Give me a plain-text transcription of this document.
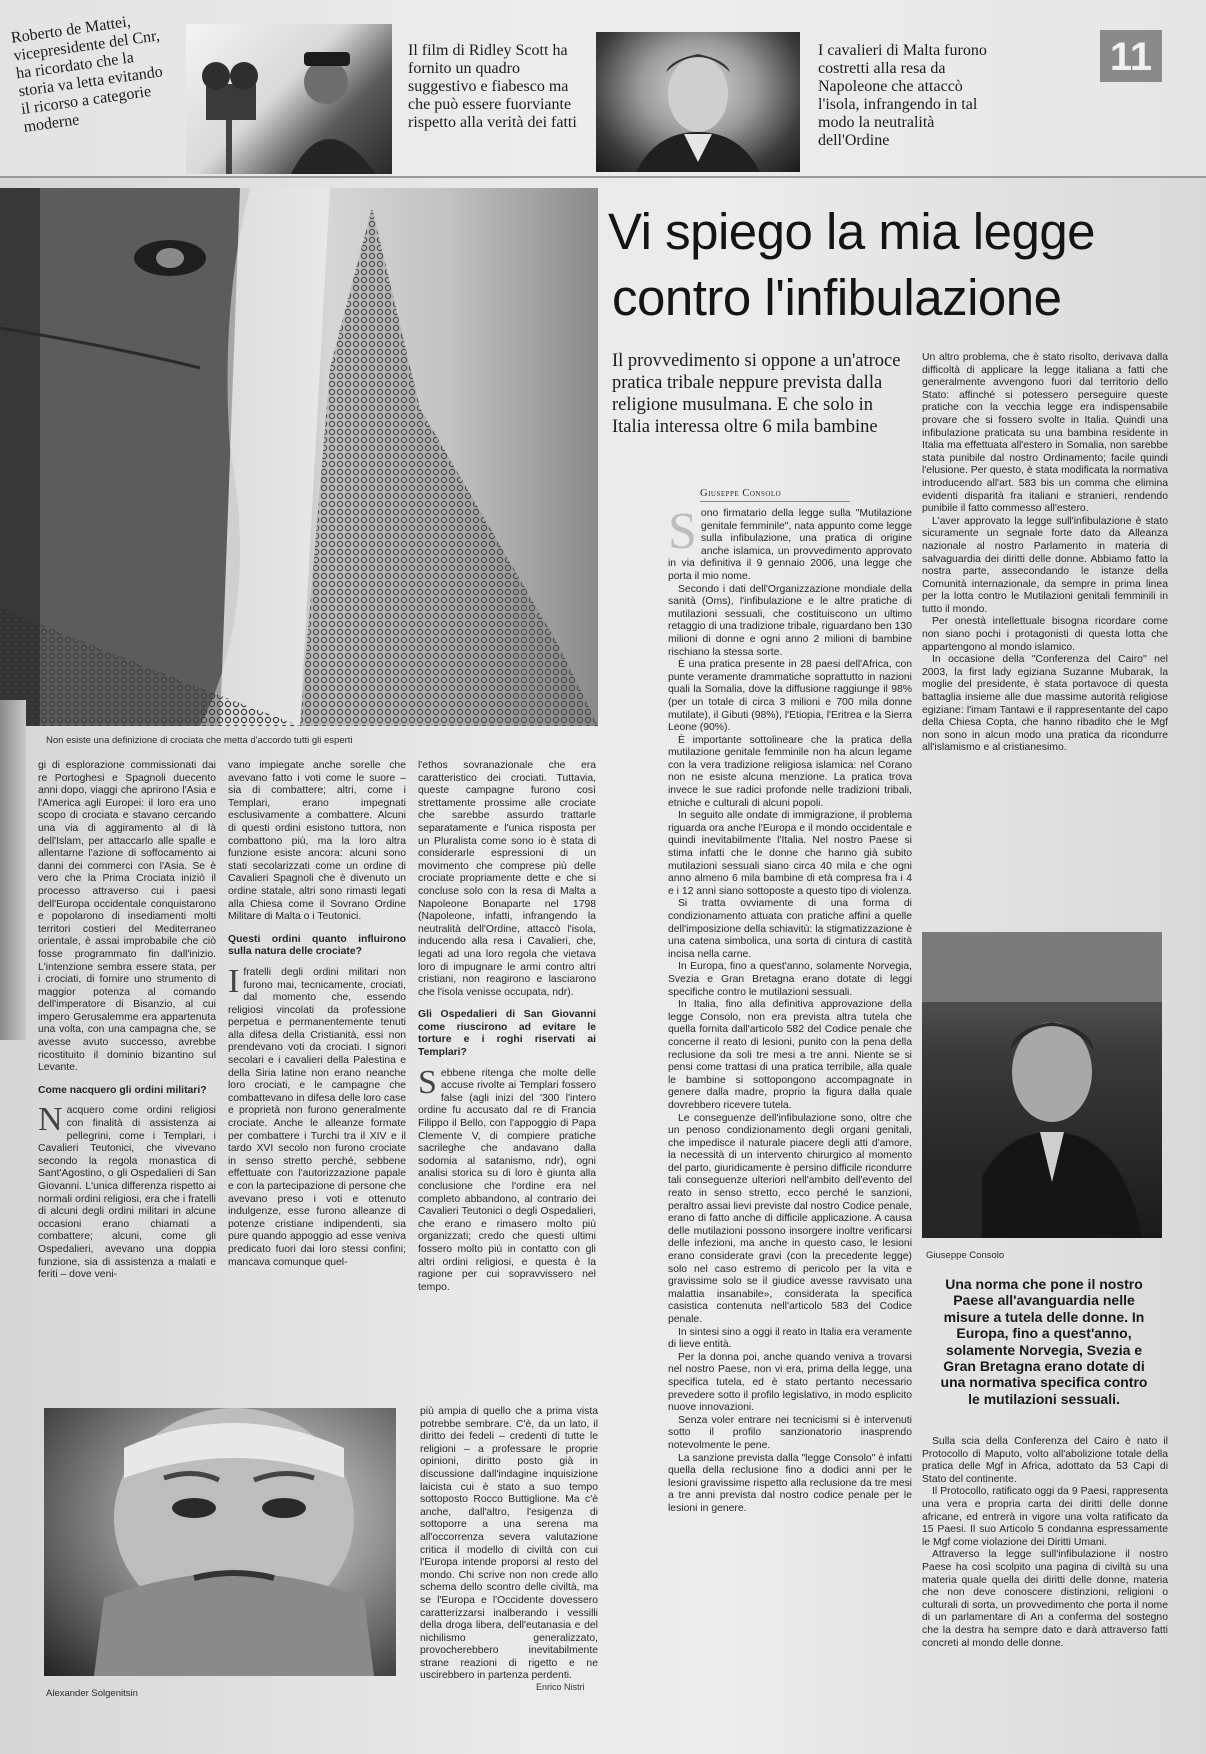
Roberto de Mattei, vicepresidente del Cnr, ha ricordato che la storia va letta evitando il ricorso a categorie moderne

Il film di Ridley Scott ha fornito un quadro suggestivo e fiabesco ma che può essere fuorviante rispetto alla verità dei fatti

I cavalieri di Malta furono costretti alla resa da Napoleone che attaccò l'isola, infrangendo in tal modo la neutralità dell'Ordine

11

Non esiste una definizione di crociata che metta d'accordo tutti gli esperti

Vi spiego la mia legge
contro l'infibulazione

Il provvedimento si oppone a un'atroce pratica tribale neppure prevista dalla religione musulmana. E che solo in Italia interessa oltre 6 mila bambine

Giuseppe Consolo
S ono firmatario della legge sulla "Mutilazione genitale femminile", nata appunto come legge sulla infibulazione, una pratica di origine anche islamica, un provvedimento approvato in via definitiva il 9 gennaio 2006, una legge che porta il mio nome.

Secondo i dati dell'Organizzazione mondiale della sanità (Oms), l'infibulazione e le altre pratiche di mutilazioni sessuali, che costituiscono un ultimo retaggio di una tradizione tribale, riguardano ben 130 milioni di donne e ogni anno 2 milioni di bambine rischiano la stessa sorte.

È una pratica presente in 28 paesi dell'Africa, con punte veramente drammatiche soprattutto in nazioni quali la Somalia, dove la diffusione raggiunge il 98% (per un totale di circa 3 milioni e 700 mila donne mutilate), il Gibuti (98%), l'Etiopia, l'Eritrea e la Sierra Leone (90%).

È importante sottolineare che la pratica della mutilazione genitale femminile non ha alcun legame con la vera tradizione religiosa islamica: nel Corano non ne esiste alcuna menzione. La pratica trova invece le sue radici profonde nelle tradizioni tribali, etniche e culturali di alcuni popoli.

In seguito alle ondate di immigrazione, il problema riguarda ora anche l'Europa e il mondo occidentale e quindi inevitabilmente l'Italia. Nel nostro Paese si stima infatti che le donne che hanno già subito mutilazioni sessuali siano circa 40 mila e che ogni anno almeno 6 mila bambine di età compresa fra i 4 e i 12 anni siano sottoposte a questo tipo di violenza.

Si tratta ovviamente di una forma di condizionamento attuata con pratiche affini a quelle dell'imposizione della schiavitù: la stigmatizzazione è una catena simbolica, una sorta di cintura di castità incisa nella carne.

In Europa, fino a quest'anno, solamente Norvegia, Svezia e Gran Bretagna erano dotate di leggi specifiche contro le mutilazioni sessuali.

In Italia, fino alla definitiva approvazione della legge Consolo, non era prevista altra tutela che quella fornita dall'articolo 582 del Codice penale che concerne il reato di lesioni, punito con la pena della reclusione da soli tre mesi a tre anni. Niente se si pensi come trattasi di una pratica terribile, alla quale le bambine si sottopongono accompagnate in genere dalla madre, proprio la figura dalla quale dovrebbero ricevere tutela.

Le conseguenze dell'infibulazione sono, oltre che un penoso condizionamento degli organi genitali, che impedisce il naturale piacere degli atti d'amore, la necessità di un intervento chirurgico al momento del parto, giuridicamente è persino difficile ricondurre tali conseguenze ulteriori nell'ambito dell'evento del reato in senso stretto, ecco perché le sanzioni, peraltro assai lievi previste dal nostro Codice penale, erano di fatto anche di difficile applicazione. A causa delle mutilazioni possono insorgere inoltre verificarsi delle infezioni, ma anche in questo caso, le lesioni erano considerate gravi (con la precedente legge) solo nel caso estremo di pericolo per la vita e gravissime solo se il giudice avesse ravvisato una malattia insanabile», considerata la specifica casistica contenuta nell'articolo 583 del Codice penale.

In sintesi sino a oggi il reato in Italia era veramente di lieve entità.

Per la donna poi, anche quando veniva a trovarsi nel nostro Paese, non vi era, prima della legge, una specifica tutela, ed è stato pertanto necessario prevedere sotto il profilo legislativo, in modo esplicito nuove innovazioni.

Senza voler entrare nei tecnicismi si è intervenuti sotto il profilo sanzionatorio inasprendo notevolmente le pene.

La sanzione prevista dalla "legge Consolo" è infatti quella della reclusione fino a dodici anni per le lesioni gravissime rispetto alla reclusione da tre mesi a tre anni prevista dal nostro codice penale per le lesioni in genere.

Un altro problema, che è stato risolto, derivava dalla difficoltà di applicare la legge italiana a fatti che generalmente avvengono fuori dal territorio dello Stato: affinché si potessero perseguire queste pratiche con la vecchia legge era indispensabile provare che si fossero svolte in Italia. Quindi una infibulazione praticata su una bambina residente in Italia ma effettuata all'estero in Somalia, non sarebbe stata punibile dal nostro Ordinamento; facile quindi l'elusione. Per questo, è stata modificata la normativa introducendo all'art. 583 bis un comma che elimina evidenti disparità fra italiani e stranieri, rendendo punibile il fatto commesso all'estero.

L'aver approvato la legge sull'infibulazione è stato sicuramente un segnale forte dato da Alleanza nazionale al nostro Parlamento in materia di salvaguardia dei diritti delle donne. Abbiamo fatto la nostra parte, assecondando le istanze della Comunità internazionale, da sempre in prima linea per la lotta contro le Mutilazioni genitali femminili in tutto il mondo.

Per onestà intellettuale bisogna ricordare come non siano pochi i protagonisti di questa lotta che appartengono al mondo islamico.

In occasione della "Conferenza del Cairo" nel 2003, la first lady egiziana Suzanne Mubarak, la moglie del presidente, è stata portavoce di questa battaglia insieme alle due massime autorità religiose egiziane: l'imam Tantawi e il rappresentante del capo della Chiesa Copta, che hanno ribadito che le Mgf non sono in alcun modo una pratica da ricondurre all'islamismo e al cristianesimo.

Giuseppe Consolo

Una norma che pone il nostro Paese all'avanguardia nelle misure a tutela delle donne. In Europa, fino a quest'anno, solamente Norvegia, Svezia e Gran Bretagna erano dotate di una normativa specifica contro le mutilazioni sessuali.

Sulla scia della Conferenza del Cairo è nato il Protocollo di Maputo, volto all'abolizione totale della pratica delle Mgf in Africa, adottato da 53 Capi di Stato del continente.

Il Protocollo, ratificato oggi da 9 Paesi, rappresenta una vera e propria carta dei diritti delle donne africane, ed entrerà in vigore una volta ratificato da 15 Paesi. Il suo Articolo 5 condanna espressamente le Mgf come violazione dei Diritti Umani.

Attraverso la legge sull'infibulazione il nostro Paese ha così scolpito una pagina di civiltà su una materia quale quella dei diritti delle donne, materia che non deve conoscere distinzioni, religioni o culturali di sorta, un provvedimento che porta il nome di un parlamentare di An a conferma del sostegno che la destra ha sempre dato e darà attraverso fatti concreti al mondo delle donne.

gi di esplorazione commissionati dai re Portoghesi e Spagnoli duecento anni dopo, viaggi che aprirono l'Asia e l'America agli Europei: il loro era uno scopo di crociata e stavano cercando una via di aggiramento al di là dell'Islam, per attaccarlo alle spalle e allentarne l'azione di soffocamento ai danni dei commerci con l'Asia. Se è vero che la Prima Crociata iniziò il processo attraverso cui i paesi dell'Europa occidentale conquistarono e popolarono di insediamenti molti territori costieri del Mediterraneo orientale, è assai improbabile che ciò fosse programmato fin dall'inizio. L'intenzione sembra essere stata, per i crociati, di fornire uno strumento di maggior potenza al comando dell'imperatore di Bisanzio, al cui impero Gerusalemme era appartenuta una volta, con una campagna che, se avesse avuto successo, avrebbe ricostituito il dominio bizantino sul Levante.

Come nacquero gli ordini militari?

N acquero come ordini religiosi con finalità di assistenza ai pellegrini, come i Templari, i Cavalieri Teutonici, che vivevano secondo la regola monastica di Sant'Agostino, o gli Ospedalieri di San Giovanni. L'unica differenza rispetto ai normali ordini religiosi, era che i fratelli di alcuni degli ordini militari in alcune occasioni erano chiamati a combattere; alcuni, come gli Ospedalieri, avevano una doppia funzione, sia di assistenza a malati e feriti – dove veni-

vano impiegate anche sorelle che avevano fatto i voti come le suore – sia di combattere; altri, come i Templari, erano impegnati esclusivamente a combattere. Alcuni di questi ordini esistono tuttora, non combattono più, ma la loro altra funzione esiste ancora: alcuni sono stati secolarizzati come un ordine di Cavalieri Spagnoli che è divenuto un ordine statale, altri sono rimasti legati alla Chiesa come il Sovrano Ordine Militare di Malta o i Teutonici.

Questi ordini quanto influirono sulla natura delle crociate?

I fratelli degli ordini militari non furono mai, tecnicamente, crociati, dal momento che, essendo religiosi vincolati da professione perpetua e permanentemente tenuti alla difesa della Cristianità, essi non prendevano voti da crociati. I signori secolari e i cavalieri della Palestina e della Siria latine non erano neanche loro crociati, e le campagne che combattevano in difesa delle loro case e proprietà non furono generalmente crociate. Anche le alleanze formate per combattere i Turchi tra il XIV e il tardo XVI secolo non furono crociate in senso stretto perché, sebbene effettuate con l'autorizzazione papale e con la partecipazione di persone che avevano preso i voti e ottenuto indulgenze, esse furono alleanze di potenze cristiane indipendenti, sia pure quando appoggio ad esse veniva predicato fuori dai loro stessi confini; mancava comunque quel-

l'ethos sovranazionale che era caratteristico dei crociati. Tuttavia, queste campagne furono così strettamente prossime alle crociate che sarebbe assurdo trattarle separatamente e l'unica risposta per un Pluralista come sono io è stata di considerarle espressioni di un movimento che comprese più delle crociate propriamente dette e che si concluse solo con la resa di Malta a Napoleone Bonaparte nel 1798 (Napoleone, infatti, infrangendo la neutralità dell'Ordine, attaccò l'isola, inducendo alla resa i Cavalieri, che, legati ad una loro regola che vietava loro di impugnare le armi contro altri cristiani, non reagirono e lasciarono che l'isola venisse occupata, ndr).

Gli Ospedalieri di San Giovanni come riuscirono ad evitare le torture e i roghi riservati ai Templari?

S ebbene ritenga che molte delle accuse rivolte ai Templari fossero false (agli inizi del '300 l'intero ordine fu accusato dal re di Francia Filippo il Bello, con l'appoggio di Papa Clemente V, di compiere pratiche sacrileghe che andavano dalla sodomia al satanismo, ndr), ogni analisi storica su di loro è giunta alla conclusione che l'ordine era nel completo abbandono, al contrario dei Cavalieri Teutonici o degli Ospedalieri, che erano e rimasero molto più organizzati; credo che questi ultimi fossero molto più in contatto con gli altri ordini religiosi, e questa è la ragione per cui sopravvissero nel tempo.

Alexander Solgenitsin

più ampia di quello che a prima vista potrebbe sembrare. C'è, da un lato, il diritto dei fedeli – credenti di tutte le religioni – a professare le proprie opinioni, diritto posto già in discussione dall'indagine inquisizione laicista cui è stato a suo tempo sottoposto Rocco Buttiglione. Ma c'è anche, dall'altro, l'esigenza di sottoporre a una serena ma all'occorrenza severa valutazione critica il modello di civiltà con cui l'Europa intende proporsi al resto del mondo. Chi scrive non non crede allo schema dello scontro delle civiltà, ma se l'Europa e l'Occidente dovessero caratterizzarsi inalberando i vessilli della droga libera, dell'eutanasia e del nichilismo generalizzato, provocherebbero inevitabilmente strane reazioni di rigetto e ne uscirebbero in partenza perdenti.

Enrico Nistri
